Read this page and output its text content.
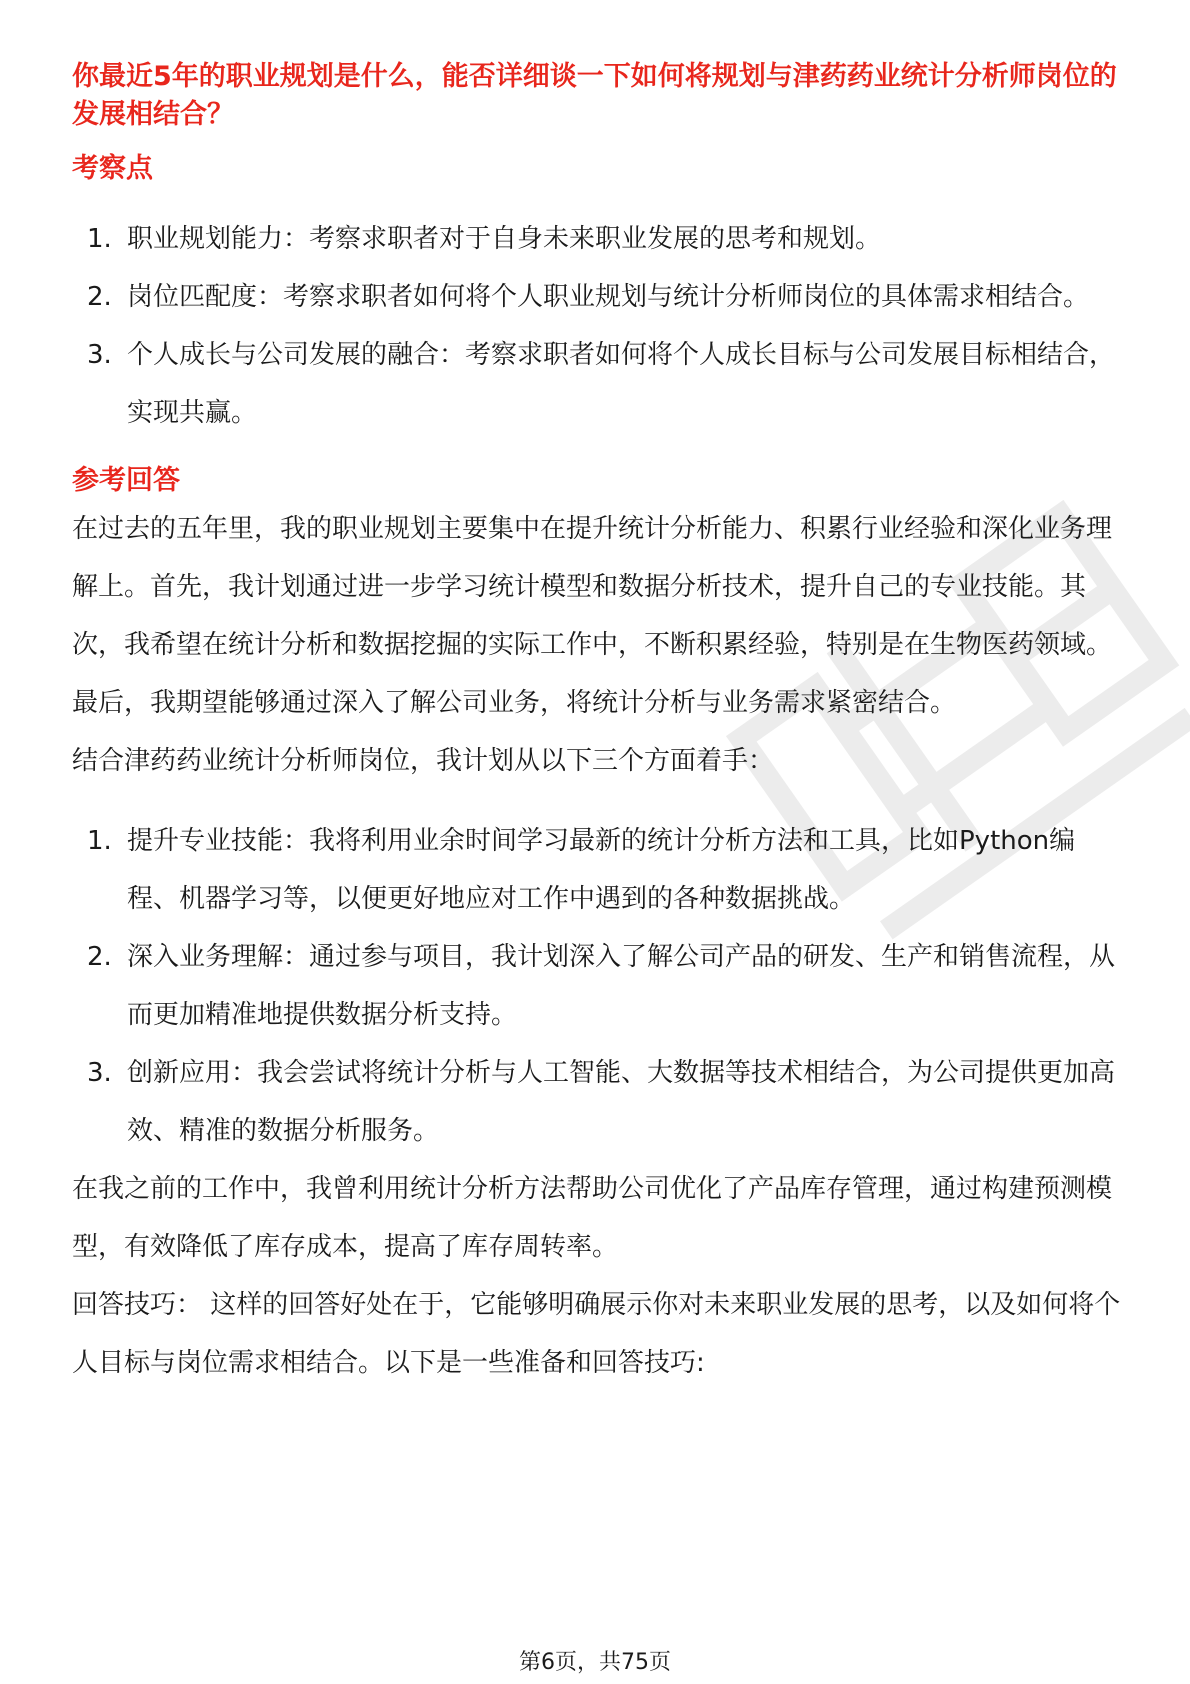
你最近5年的职业规划是什么，能否详细谈一下如何将规划与津药药业统计分析师岗位的发展相结合？
考察点
1. 职业规划能力：考察求职者对于自身未来职业发展的思考和规划。
2. 岗位匹配度：考察求职者如何将个人职业规划与统计分析师岗位的具体需求相结合。
3. 个人成长与公司发展的融合：考察求职者如何将个人成长目标与公司发展目标相结合，实现共赢。
参考回答

在过去的五年里，我的职业规划主要集中在提升统计分析能力、积累行业经验和深化业务理解上。首先，我计划通过进一步学习统计模型和数据分析技术，提升自己的专业技能。其次，我希望在统计分析和数据挖掘的实际工作中，不断积累经验，特别是在生物医药领域。最后，我期望能够通过深入了解公司业务，将统计分析与业务需求紧密结合。

结合津药药业统计分析师岗位，我计划从以下三个方面着手：

1. 提升专业技能：我将利用业余时间学习最新的统计分析方法和工具，比如Python编程、机器学习等，以便更好地应对工作中遇到的各种数据挑战。
2. 深入业务理解：通过参与项目，我计划深入了解公司产品的研发、生产和销售流程，从而更加精准地提供数据分析支持。
3. 创新应用：我会尝试将统计分析与人工智能、大数据等技术相结合，为公司提供更加高效、精准的数据分析服务。

在我之前的工作中，我曾利用统计分析方法帮助公司优化了产品库存管理，通过构建预测模型，有效降低了库存成本，提高了库存周转率。

回答技巧： 这样的回答好处在于，它能够明确展示你对未来职业发展的思考，以及如何将个人目标与岗位需求相结合。以下是一些准备和回答技巧:

第6页，共75页
